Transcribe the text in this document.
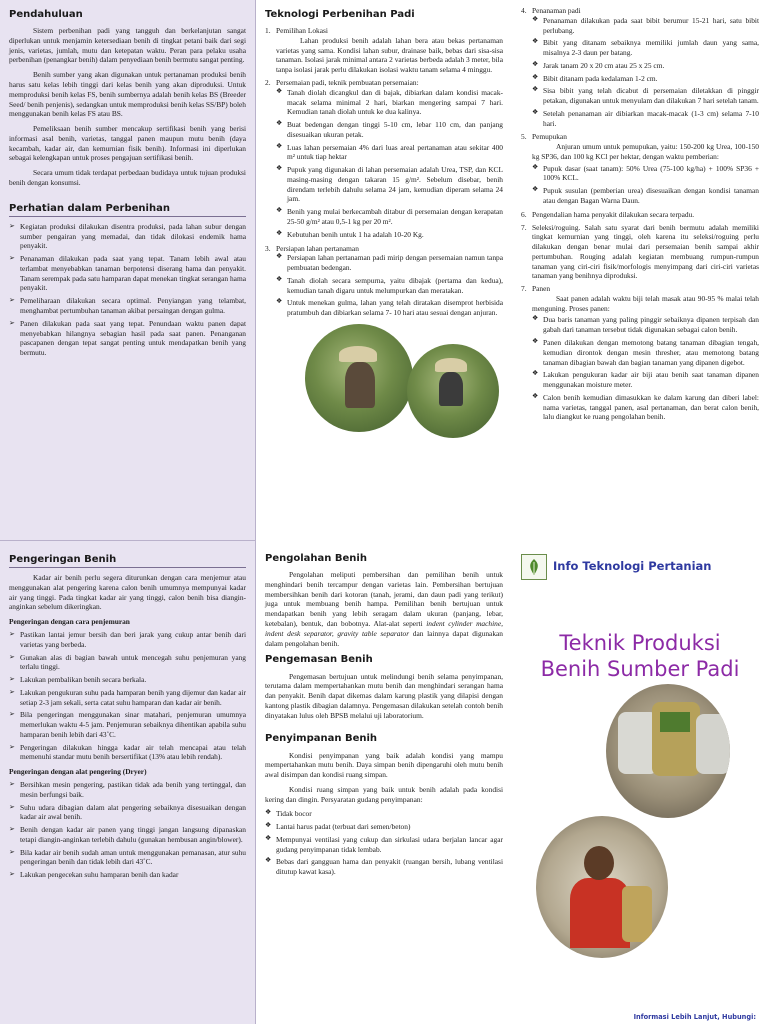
Pendahuluan

Sistem perbenihan padi yang tangguh dan berkelanjutan sangat diperlukan untuk menjamin ketersediaan benih di tingkat petani baik dari segi jenis, varietas, jumlah, mutu dan ketepatan waktu. Peran para pelaku usaha perbenihan (penangkar benih) dalam penyediaan benih bermutu sangat penting.

Benih sumber yang akan digunakan untuk pertanaman produksi benih harus satu kelas lebih tinggi dari kelas benih yang akan diproduksi. Untuk memproduksi benih kelas FS, benih sumbernya adalah benih kelas BS (Breeder Seed/ benih penjenis), sedangkan untuk memproduksi benih kelas SS/BP) boleh menggunakan benih kelas FS atau BS.

Pemeliksaan benih sumber mencakup sertifikasi benih yang berisi informasi asal benih, varietas, tanggal panen maupun mutu benih (daya kecambah, kadar air, dan kemurnian fisik benih). Informasi ini diperlukan sebagai kelengkapan untuk proses pengajuan sertifikasi benih.

Secara umum tidak terdapat perbedaan budidaya untuk tujuan produksi benih dengan konsumsi.

Perhatian dalam Perbenihan
➢ Kegiatan produksi dilakukan disentra produksi, pada lahan subur dengan sumber pengairan yang memadai, dan tidak dilokasi endemik hama penyakit.
➢ Penanaman dilakukan pada saat yang tepat. Tanam lebih awal atau terlambat menyebabkan tanaman berpotensi diserang hama dan penyakit. Tanam serempak pada satu hamparan dapat menekan tingkat serangan hama penyakit.
➢ Pemeliharaan dilakukan secara optimal. Penyiangan yang telambat, menghambat pertumbuhan tanaman akibat persaingan dengan gulma.
➢ Panen dilakukan pada saat yang tepat. Penundaan waktu panen dapat menyebabkan hilangnya sebagian hasil pada saat panen. Penanganan pascapanen dengan tepat sangat penting untuk mendapatkan benih yang bermutu.
Teknologi Perbenihan Padi
1. Pemilihan Lokasi

Lahan produksi benih adalah lahan bera atau bekas pertanaman varietas yang sama. Kondisi lahan subur, drainase baik, bebas dari sisa-sisa tanaman. Isolasi jarak minimal antara 2 varietas berbeda adalah 3 meter, bila tanpa isolasi jarak perlu dilakukan isolasi waktu tanam selama 4 minggu.

2. Persemaian padi, teknik pembuatan persemaian:
❖ Tanah diolah dicangkul dan di bajak, dibiarkan dalam kondisi macak-macak selama minimal 2 hari, biarkan mengering sampai 7 hari. Kemudian tanah diolah untuk ke dua kalinya.
❖ Buat bedengan dengan tinggi 5-10 cm, lebar 110 cm, dan panjang disesuaikan ukuran petak.
❖ Luas lahan persemaian 4% dari luas areal pertanaman atau sekitar 400 m² untuk tiap hektar
❖ Pupuk yang digunakan di lahan persemaian adalah Urea, TSP, dan KCL masing-masing dengan takaran 15 g/m². Sebelum disebar, benih direndam terlebih dahulu selama 24 jam, kemudian diperam selama 24 jam.
❖ Benih yang mulai berkecambah ditabur di persemaian dengan kerapatan 25-50 g/m² atau 0,5-1 kg per 20 m².
❖ Kebutuhan benih untuk 1 ha adalah 10-20 Kg.
3. Persiapan lahan pertanaman
❖ Persiapan lahan pertanaman padi mirip dengan persemaian namun tanpa pembuatan bedengan.
❖ Tanah diolah secara sempurna, yaitu dibajak (pertama dan kedua), kemudian tanah digaru untuk melumpurkan dan meratakan.
❖ Untuk menekan gulma, lahan yang telah diratakan disemprot herbisida pratumbuh dan dibiarkan selama 7- 10 hari atau sesuai dengan anjuran.
4. Penanaman padi
❖ Penanaman dilakukan pada saat bibit berumur 15-21 hari, satu bibit perlubang.
❖ Bibit yang ditanam sebaiknya memiliki jumlah daun yang sama, misalnya 2-3 daun per batang.
❖ Jarak tanam 20 x 20 cm atau 25 x 25 cm.
❖ Bibit ditanam pada kedalaman 1-2 cm.
❖ Sisa bibit yang telah dicabut di persemaian diletakkan di pinggir petakan, digunakan untuk menyulam dan dilakukan 7 hari setelah tanam.
❖ Setelah penanaman air dibiarkan macak-macak (1-3 cm) selama 7-10 hari.
5. Pemupukan

Anjuran umum untuk pemupukan, yaitu: 150-200 kg Urea, 100-150 kg SP36, dan 100 kg KCl per hektar, dengan waktu pemberian:

❖ Pupuk dasar (saat tanam): 50% Urea (75-100 kg/ha) + 100% SP36 + 100% KCL.
❖ Pupuk susulan (pemberian urea) disesuaikan dengan kondisi tanaman atau dengan Bagan Warna Daun.
6. Pengendalian hama penyakit dilakukan secara terpadu.
7. Seleksi/roguing. Salah satu syarat dari benih bermutu adalah memiliki tingkat kemurnian yang tinggi, oleh karena itu seleksi/roguing perlu dilakukan dengan benar mulai dari persemaian benih sampai akhir pertumbuhan. Rouging adalah kegiatan membuang rumpun-rumpun tanaman yang ciri-ciri fisik/morfologis menyimpang dari ciri-ciri varietas tanaman yang benihnya diproduksi.

7. Panen

Saat panen adalah waktu biji telah masak atau 90-95 % malai telah menguning. Proses panen:

❖ Dua baris tanaman yang paling pinggir sebaiknya dipanen terpisah dan gabah dari tanaman tersebut tidak digunakan sebagai calon benih.
❖ Panen dilakukan dengan memotong batang tanaman dibagian tengah, kemudian dirontok dengan mesin thresher, atau memotong batang tanaman dibagian bawah dan bagian tanaman yang dipanen digebot.
❖ Lakukan pengukuran kadar air biji atau benih saat tanaman dipanen menggunakan moisture meter.
❖ Calon benih kemudian dimasukkan ke dalam karung dan diberi label: nama varietas, tanggal panen, asal pertanaman, dan berat calon benih, lalu diangkut ke ruang pengolahan benih.
Pengeringan Benih

Kadar air benih perlu segera diturunkan dengan cara menjemur atau menggunakan alat pengering karena calon benih umumnya mempunyai kadar air yang tinggi. Pada tingkat kadar air yang tinggi, calon benih bisa diangin-anginkan sebelum dikeringkan.

Pengeringan dengan cara penjemuran

➢ Pastikan lantai jemur bersih dan beri jarak yang cukup antar benih dari varietas yang berbeda.
➢ Gunakan alas di bagian bawah untuk mencegah suhu penjemuran yang terlalu tinggi.
➢ Lakukan pembalikan benih secara berkala.
➢ Lakukan pengukuran suhu pada hamparan benih yang dijemur dan kadar air setiap 2-3 jam sekali, serta catat suhu hamparan dan kadar air benih.
➢ Bila pengeringan menggunakan sinar matahari, penjemuran umumnya memerlukan waktu 4-5 jam. Penjemuran sebaiknya dihentikan apabila suhu hamparan benih lebih dari 43˚C.
➢ Pengeringan dilakukan hingga kadar air telah mencapai atau telah memenuhi standar mutu benih bersertifikat (13% atau lebih rendah).

Pengeringan dengan alat pengering (Dryer)

➢ Bersihkan mesin pengering, pastikan tidak ada benih yang tertinggal, dan mesin berfungsi baik.
➢ Suhu udara dibagian dalam alat pengering sebaiknya disesuaikan dengan kadar air awal benih.
➢ Benih dengan kadar air panen yang tinggi jangan langsung dipanaskan tetapi diangin-anginkan terlebih dahulu (gunakan hembusan angin/blower).
➢ Bila kadar air benih sudah aman untuk menggunakan pemanasan, atur suhu pengeringan benih dan tidak lebih dari 43˚C.
➢ Lakukan pengecekan suhu hamparan benih dan kadar
Pengolahan Benih

Pengolahan meliputi pembersihan dan pemilihan benih untuk menghindari benih tercampur dengan varietas lain. Pembersihan bertujuan membersihkan benih dari kotoran (tanah, jerami, dan daun padi yang terikut) juga untuk membuang benih hampa. Pemilihan benih bertujuan untuk mendapatkan benih yang lebih seragam dalam ukuran (panjang, lebar, ketebalan), bentuk, dan bobotnya. Alat-alat seperti indent cylinder machine, indent desk separator, gravity table separator dan lainnya dapat digunakan dalam pengolahan benih.

Pengemasan Benih

Pengemasan bertujuan untuk melindungi benih selama penyimpanan, terutama dalam mempertahankan mutu benih dan menghindari serangan hama dan penyakit. Benih dapat dikemas dalam karung plastik yang dilapisi dengan kantong plastik dibagian dalamnya. Pengemasan dilakukan setelah contoh benih dinyatakan lulus oleh BPSB melalui uji laboratorium.

Penyimpanan Benih

Kondisi penyimpanan yang baik adalah kondisi yang mampu mempertahankan mutu benih. Daya simpan benih dipengaruhi oleh mutu benih awal disimpan dan kondisi ruang simpan.

Kondisi ruang simpan yang baik untuk benih adalah pada kondisi kering dan dingin. Persyaratan gudang penyimpanan:

❖ Tidak bocor
❖ Lantai harus padat (terbuat dari semen/beton)
❖ Mempunyai ventilasi yang cukup dan sirkulasi udara berjalan lancar agar gudang penyimpanan tidak lembab.
❖ Bebas dari gangguan hama dan penyakit (ruangan bersih, lubang ventilasi ditutup kawat kasa).
Info Teknologi Pertanian
Teknik Produksi
Benih Sumber Padi
Informasi Lebih Lanjut, Hubungi:
